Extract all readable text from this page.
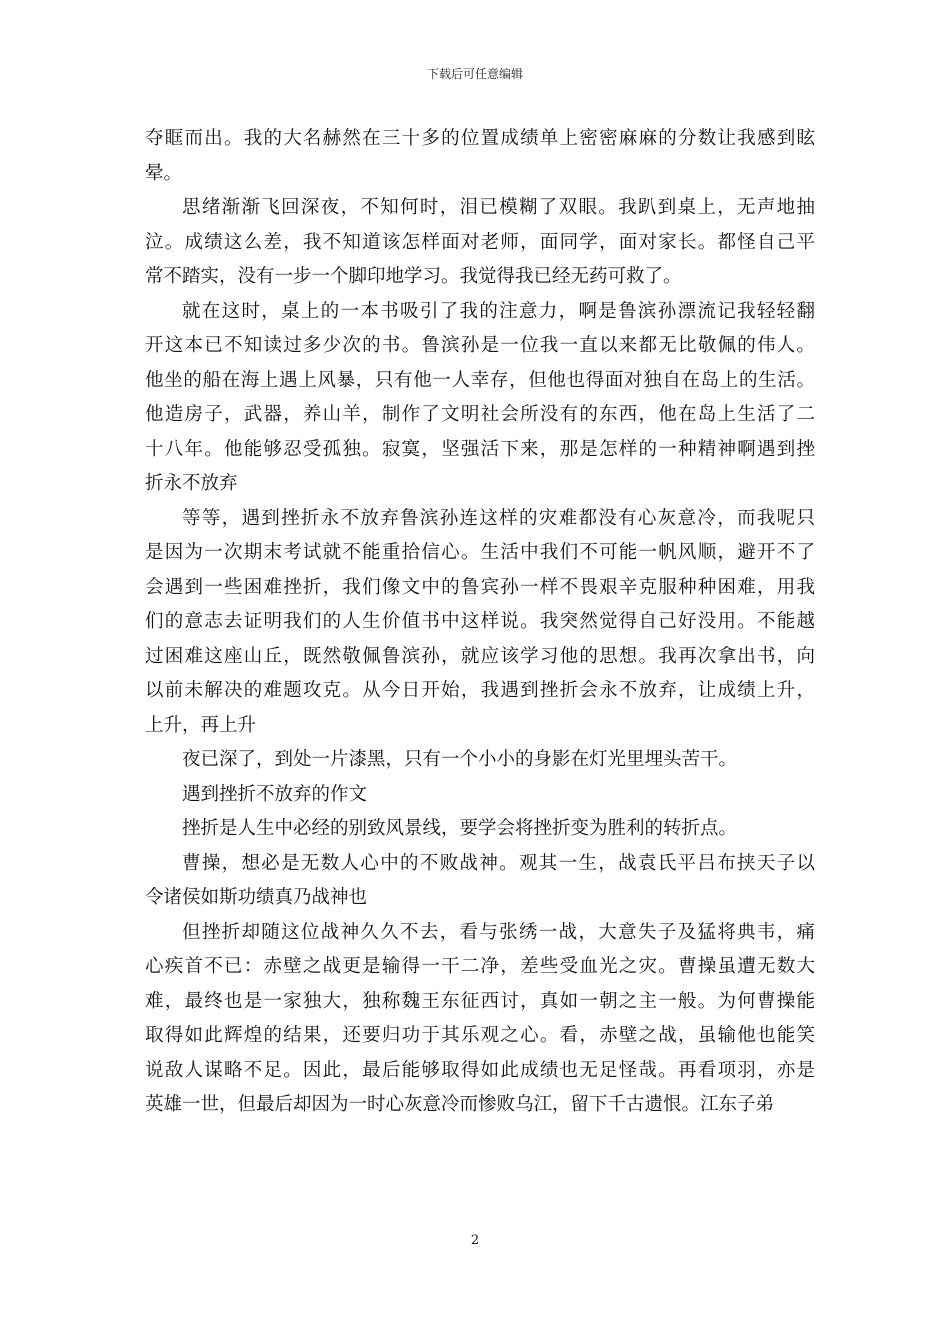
下载后可任意编辑
夺眶而出。我的大名赫然在三十多的位置成绩单上密密麻麻的分数让我感到眩
晕。
思绪渐渐飞回深夜，不知何时，泪已模糊了双眼。我趴到桌上，无声地抽
泣。成绩这么差，我不知道该怎样面对老师，面同学，面对家长。都怪自己平
常不踏实，没有一步一个脚印地学习。我觉得我已经无药可救了。
就在这时，桌上的一本书吸引了我的注意力，啊是鲁滨孙漂流记我轻轻翻
开这本已不知读过多少次的书。鲁滨孙是一位我一直以来都无比敬佩的伟人。
他坐的船在海上遇上风暴，只有他一人幸存，但他也得面对独自在岛上的生活。
他造房子，武器，养山羊，制作了文明社会所没有的东西，他在岛上生活了二
十八年。他能够忍受孤独。寂寞，坚强活下来，那是怎样的一种精神啊遇到挫
折永不放弃
等等，遇到挫折永不放弃鲁滨孙连这样的灾难都没有心灰意冷，而我呢只
是因为一次期末考试就不能重拾信心。生活中我们不可能一帆风顺，避开不了
会遇到一些困难挫折，我们像文中的鲁宾孙一样不畏艰辛克服种种困难，用我
们的意志去证明我们的人生价值书中这样说。我突然觉得自己好没用。不能越
过困难这座山丘，既然敬佩鲁滨孙，就应该学习他的思想。我再次拿出书，向
以前未解决的难题攻克。从今日开始，我遇到挫折会永不放弃，让成绩上升，
上升，再上升
夜已深了，到处一片漆黑，只有一个小小的身影在灯光里埋头苦干。
遇到挫折不放弃的作文
挫折是人生中必经的别致风景线，要学会将挫折变为胜利的转折点。
曹操，想必是无数人心中的不败战神。观其一生，战袁氏平吕布挟天子以
令诸侯如斯功绩真乃战神也
但挫折却随这位战神久久不去，看与张绣一战，大意失子及猛将典韦，痛
心疾首不已：赤壁之战更是输得一干二净，差些受血光之灾。曹操虽遭无数大
难，最终也是一家独大，独称魏王东征西讨，真如一朝之主一般。为何曹操能
取得如此辉煌的结果，还要归功于其乐观之心。看，赤壁之战，虽输他也能笑
说敌人谋略不足。因此，最后能够取得如此成绩也无足怪哉。再看项羽，亦是
英雄一世，但最后却因为一时心灰意冷而惨败乌江，留下千古遗恨。江东子弟
2
